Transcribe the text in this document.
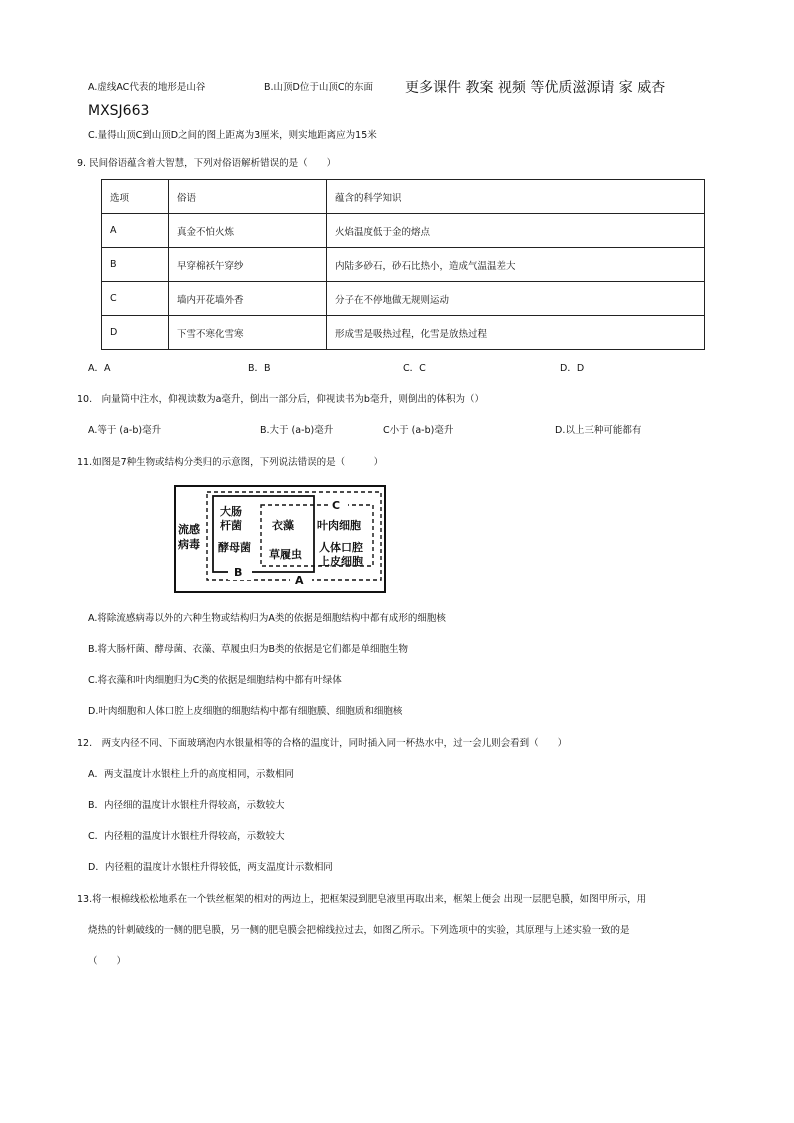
A.虚线AC代表的地形是山谷	B.山顶D位于山顶C的东面 更多课件 教案 视频 等优质滋源请 家 威杏
MXSJ663
C.量得山顶C到山顶D之间的图上距离为3厘米，则实地距离应为15米
9. 民间俗语蕴含着大智慧，下列对俗语解析错误的是（　　）
选项	俗语	蕴含的科学知识
A	真金不怕火炼	火焰温度低于金的熔点
B	早穿棉袄午穿纱	内陆多砂石，砂石比热小，造成气温温差大
C	墙内开花墙外香	分子在不停地做无规则运动
D	下雪不寒化雪寒	形成雪是吸热过程，化雪是放热过程
A．A	B．B	C．C	D．D
10.　向量筒中注水，仰视读数为a毫升，倒出一部分后，仰视读书为b毫升，则倒出的体积为（）
A.等于 (a-b)毫升	B.大于 (a-b)毫升	C小于 (a-b)毫升	D.以上三种可能都有
11.如图是7种生物或结构分类归的示意图，下列说法错误的是（　　　）
流感
病毒
大肠
杆菌
酵母菌
衣藻
草履虫
叶肉细胞
人体口腔
上皮细胞
B
A
C
A.将除流感病毒以外的六种生物或结构归为A类的依据是细胞结构中都有成形的细胞核
B.将大肠杆菌、酵母菌、衣藻、草履虫归为B类的依据是它们都是单细胞生物
C.将衣藻和叶肉细胞归为C类的依据是细胞结构中都有叶绿体
D.叶肉细胞和人体口腔上皮细胞的细胞结构中都有细胞膜、细胞质和细胞核
12.　两支内径不同、下面玻璃泡内水银量相等的合格的温度计，同时插入同一杯热水中，过一会儿则会看到（　　）
A．两支温度计水银柱上升的高度相同，示数相同
B．内径细的温度计水银柱升得较高，示数较大
C．内径粗的温度计水银柱升得较高，示数较大
D．内径粗的温度计水银柱升得较低，两支温度计示数相同
13.将一根棉线松松地系在一个铁丝框架的相对的两边上，把框架浸到肥皂液里再取出来，框架上便会 出现一层肥皂膜，如图甲所示，用
烧热的针刺破线的一侧的肥皂膜，另一侧的肥皂膜会把棉线拉过去，如图乙所示。下列选项中的实验，其原理与上述实验一致的是
（　　）
